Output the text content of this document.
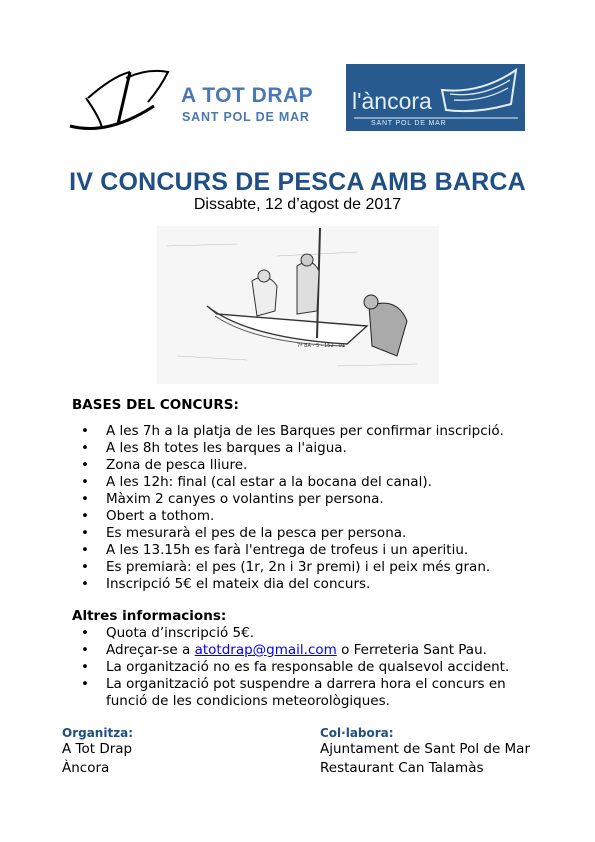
A TOT DRAP
SANT POL DE MAR
l'àncora
SANT POL DE MAR
IV CONCURS DE PESCA AMB BARCA
Dissabte, 12 d’agost de 2017
7ª BA - 5 - 152 - 01
BASES DEL CONCURS:
• A les 7h a la platja de les Barques per confirmar inscripció.
• A les 8h totes les barques a l'aigua.
• Zona de pesca lliure.
• A les 12h: final (cal estar a la bocana del canal).
• Màxim 2 canyes o volantins per persona.
• Obert a tothom.
• Es mesurarà el pes de la pesca per persona.
• A les 13.15h es farà l'entrega de trofeus i un aperitiu.
• Es premiarà: el pes (1r, 2n i 3r premi) i el peix més gran.
• Inscripció 5€ el mateix dia del concurs.
Altres informacions:
• Quota d’inscripció 5€.
• Adreçar-se a atotdrap@gmail.com o Ferreteria Sant Pau.
• La organització no es fa responsable de qualsevol accident.
• La organització pot suspendre a darrera hora el concurs en funció de les condicions meteorològiques.
Organitza:
A Tot Drap
Àncora
Col·labora:
Ajuntament de Sant Pol de Mar
Restaurant Can Talamàs
